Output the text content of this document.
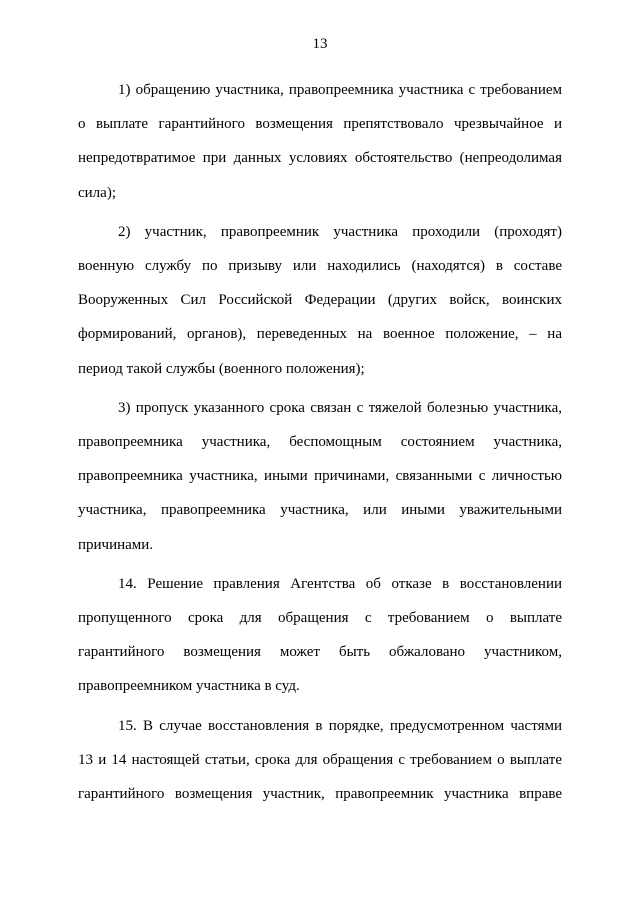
13

1) обращению участника, правопреемника участника с требованием о выплате гарантийного возмещения препятствовало чрезвычайное и непредотвратимое при данных условиях обстоятельство (непреодолимая сила);

2) участник, правопреемник участника проходили (проходят) военную службу по призыву или находились (находятся) в составе Вооруженных Сил Российской Федерации (других войск, воинских формирований, органов), переведенных на военное положение, – на период такой службы (военного положения);

3) пропуск указанного срока связан с тяжелой болезнью участника, правопреемника участника, беспомощным состоянием участника, правопреемника участника, иными причинами, связанными с личностью участника, правопреемника участника, или иными уважительными причинами.

14. Решение правления Агентства об отказе в восстановлении пропущенного срока для обращения с требованием о выплате гарантийного возмещения может быть обжаловано участником, правопреемником участника в суд.

15. В случае восстановления в порядке, предусмотренном частями 13 и 14 настоящей статьи, срока для обращения с требованием о выплате гарантийного возмещения участник, правопреемник участника вправе
